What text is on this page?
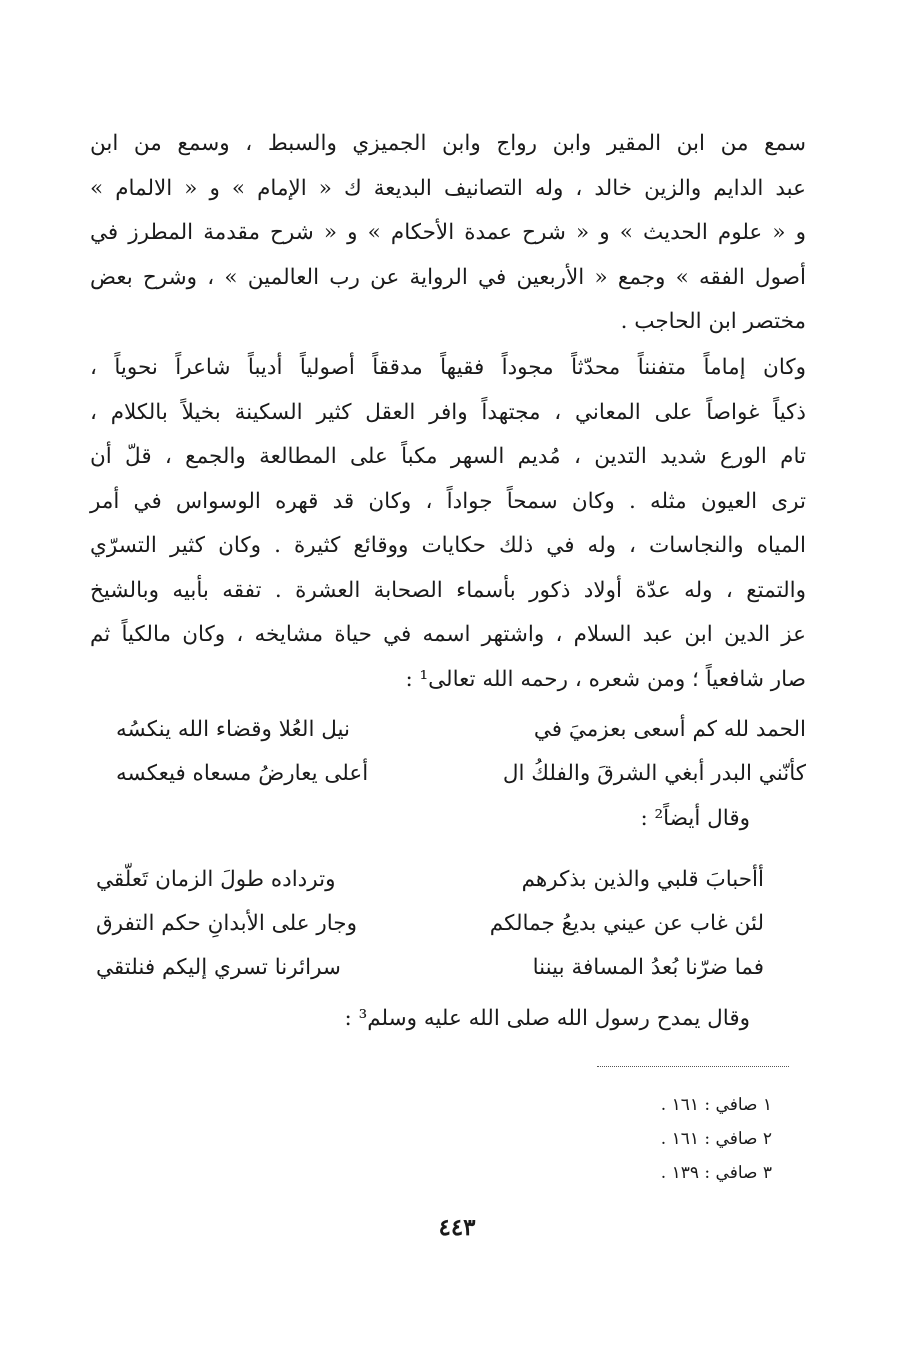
سمع من ابن المقير وابن رواج وابن الجميزي والسبط ، وسمع من ابن
عبد الدايم والزين خالد ، وله التصانيف البديعة ك « الإمام » و « الالمام »
و « علوم الحديث » و « شرح عمدة الأحكام » و « شرح مقدمة المطرز في
أصول الفقه » وجمع « الأربعين في الرواية عن رب العالمين » ، وشرح بعض
مختصر ابن الحاجب .
وكان إماماً متفنناً محدّثاً مجوداً فقيهاً مدققاً أصولياً أديباً شاعراً نحوياً ،
ذكياً غواصاً على المعاني ، مجتهداً وافر العقل كثير السكينة بخيلاً بالكلام ،
تام الورع شديد التدين ، مُديم السهر مكباً على المطالعة والجمع ، قلّ أن
ترى العيون مثله . وكان سمحاً جواداً ، وكان قد قهره الوسواس في أمر
المياه والنجاسات ، وله في ذلك حكايات ووقائع كثيرة . وكان كثير التسرّي
والتمتع ، وله عدّة أولاد ذكور بأسماء الصحابة العشرة . تفقه بأبيه وبالشيخ
عز الدين ابن عبد السلام ، واشتهر اسمه في حياة مشايخه ، وكان مالكياً ثم
صار شافعياً ؛ ومن شعره ، رحمه الله تعالى¹ :
الحمد لله كم أسعى بعزميَ في
نيل العُلا وقضاء الله ينكسُه
كأنّني البدر أبغي الشرقَ والفلكُ ال
أعلى يعارضُ مسعاه فيعكسه
وقال أيضاً² :
أأحبابَ قلبي والذين بذكرهم
وترداده طولَ الزمان تَعلّقي
لئن غاب عن عيني بديعُ جمالكم
وجار على الأبدانِ حكم التفرق
فما ضرّنا بُعدُ المسافة بيننا
سرائرنا تسري إليكم فنلتقي
وقال يمدح رسول الله صلى الله عليه وسلم³ :
١ صافي : ١٦١ .
٢ صافي : ١٦١ .
٣ صافي : ١٣٩ .
٤٤٣
